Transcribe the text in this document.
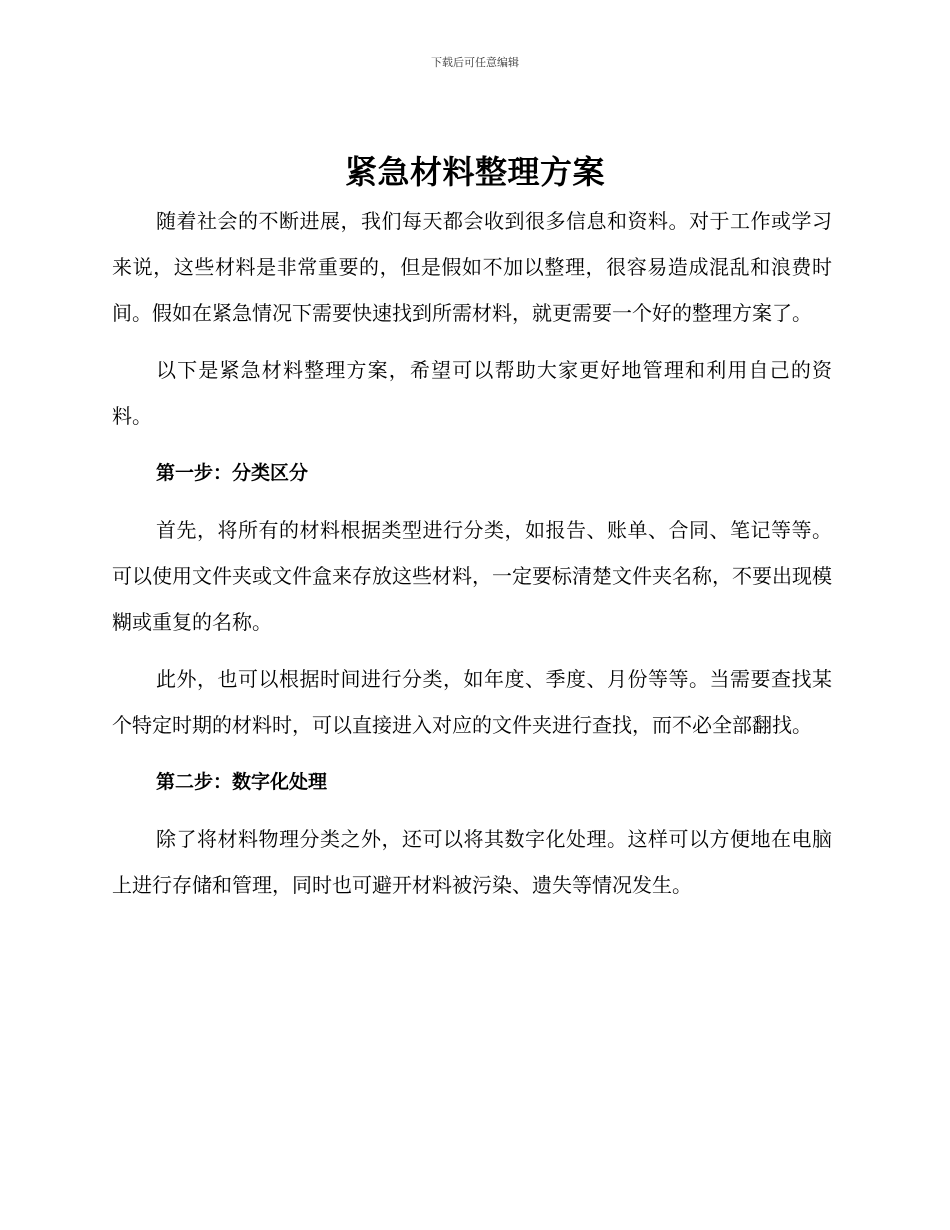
下载后可任意编辑
紧急材料整理方案

随着社会的不断进展，我们每天都会收到很多信息和资料。对于工作或学习来说，这些材料是非常重要的，但是假如不加以整理，很容易造成混乱和浪费时间。假如在紧急情况下需要快速找到所需材料，就更需要一个好的整理方案了。

以下是紧急材料整理方案，希望可以帮助大家更好地管理和利用自己的资料。

第一步：分类区分

首先，将所有的材料根据类型进行分类，如报告、账单、合同、笔记等等。可以使用文件夹或文件盒来存放这些材料，一定要标清楚文件夹名称，不要出现模糊或重复的名称。

此外，也可以根据时间进行分类，如年度、季度、月份等等。当需要查找某个特定时期的材料时，可以直接进入对应的文件夹进行查找，而不必全部翻找。

第二步：数字化处理

除了将材料物理分类之外，还可以将其数字化处理。这样可以方便地在电脑上进行存储和管理，同时也可避开材料被污染、遗失等情况发生。
